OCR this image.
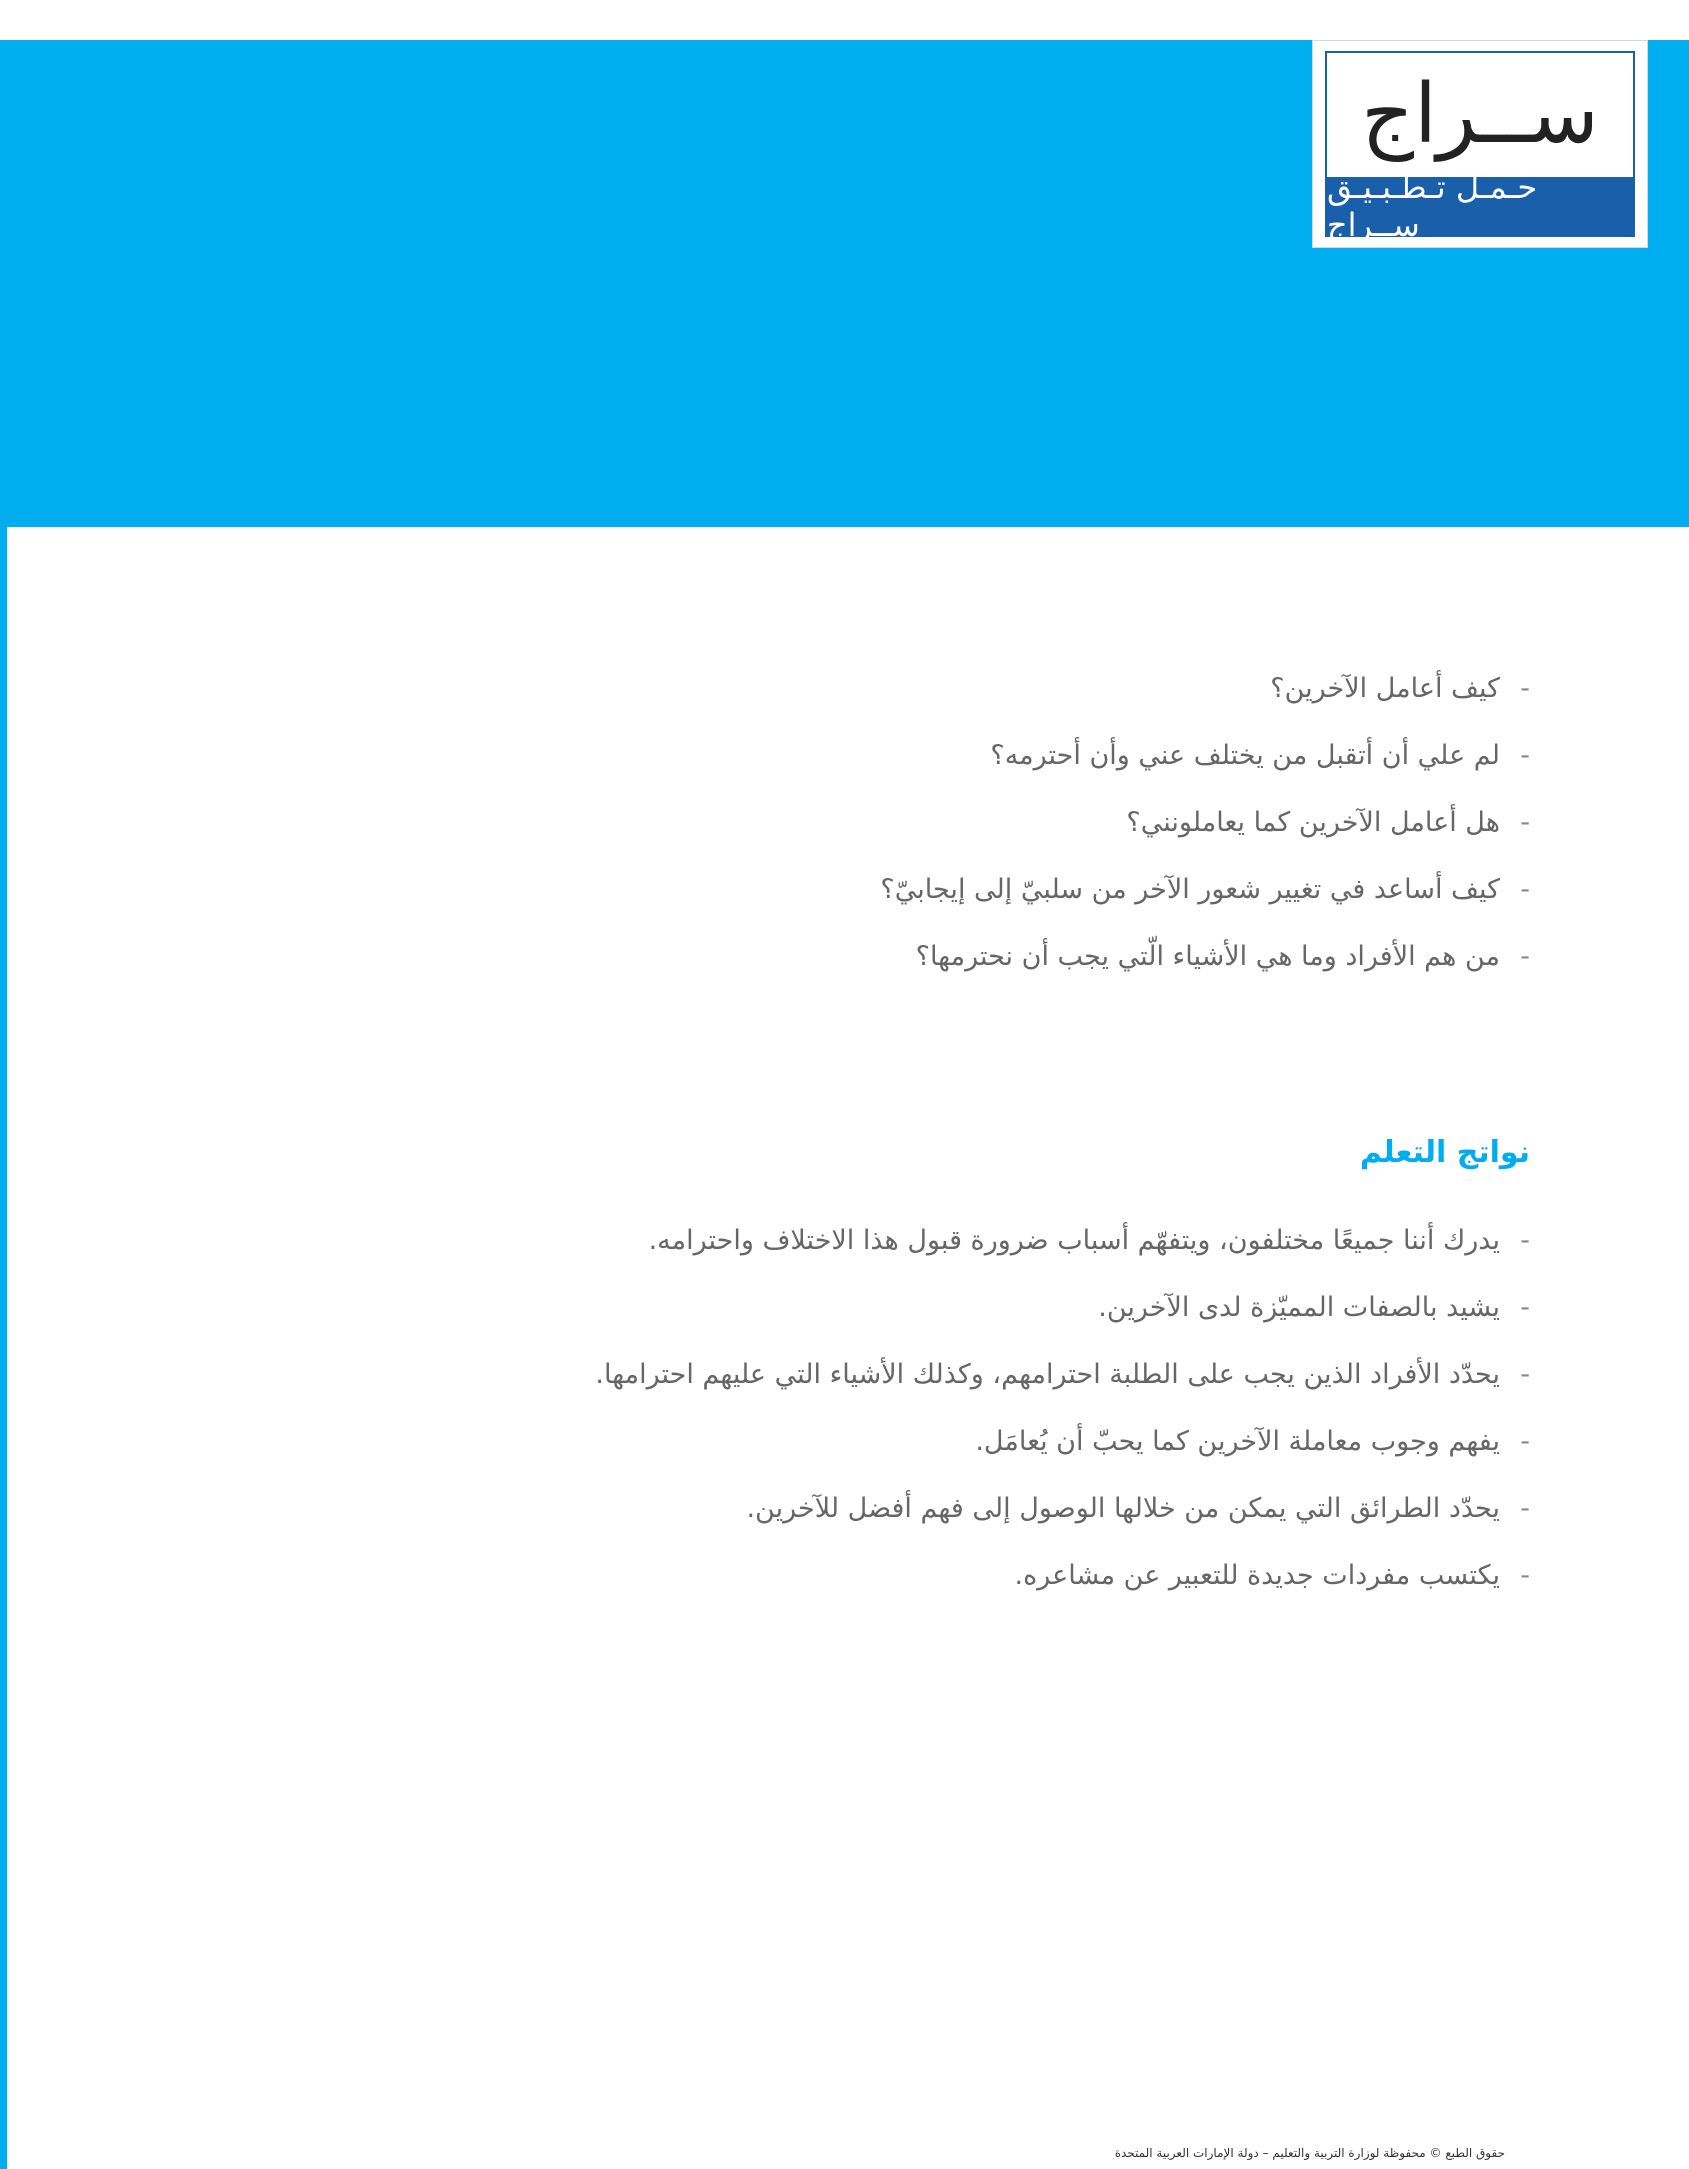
ســراج
حـمـل تـطـبـيـق ســراج
-كيف أعامل الآخرين؟
-لم علي أن أتقبل من يختلف عني وأن أحترمه؟
-هل أعامل الآخرين كما يعاملونني؟
-كيف أساعد في تغيير شعور الآخر من سلبيّ إلى إيجابيّ؟
-من هم الأفراد وما هي الأشياء الّتي يجب أن نحترمها؟
نواتج التعلم
-يدرك أننا جميعًا مختلفون، ويتفهّم أسباب ضرورة قبول هذا الاختلاف واحترامه.
-يشيد بالصفات المميّزة لدى الآخرين.
-يحدّد الأفراد الذين يجب على الطلبة احترامهم، وكذلك الأشياء التي عليهم احترامها.
-يفهم وجوب معاملة الآخرين كما يحبّ أن يُعامَل.
-يحدّد الطرائق التي يمكن من خلالها الوصول إلى فهم أفضل للآخرين.
-يكتسب مفردات جديدة للتعبير عن مشاعره.
حقوق الطبع © محفوظة لوزارة التربية والتعليم – دولة الإمارات العربية المتحدة
